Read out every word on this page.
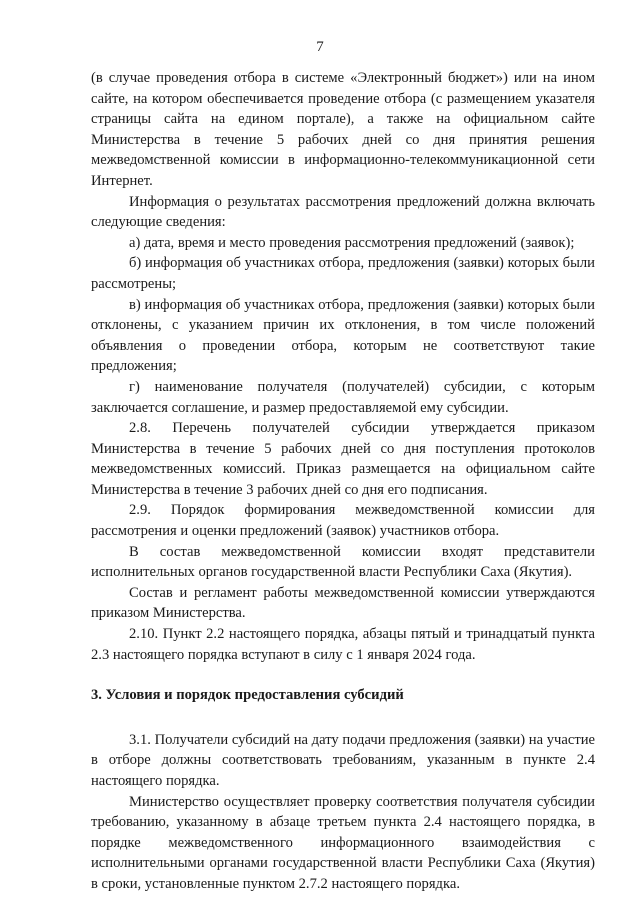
7

(в случае проведения отбора в системе «Электронный бюджет») или на ином сайте, на котором обеспечивается проведение отбора (с размещением указателя страницы сайта на едином портале), а также на официальном сайте Министерства в течение 5 рабочих дней со дня принятия решения межведомственной комиссии в информационно-телекоммуникационной сети Интернет.

Информация о результатах рассмотрения предложений должна включать следующие сведения:

а) дата, время и место проведения рассмотрения предложений (заявок);

б) информация об участниках отбора, предложения (заявки) которых были рассмотрены;

в) информация об участниках отбора, предложения (заявки) которых были отклонены, с указанием причин их отклонения, в том числе положений объявления о проведении отбора, которым не соответствуют такие предложения;

г) наименование получателя (получателей) субсидии, с которым заключается соглашение, и размер предоставляемой ему субсидии.

2.8. Перечень получателей субсидии утверждается приказом Министерства в течение 5 рабочих дней со дня поступления протоколов межведомственных комиссий. Приказ размещается на официальном сайте Министерства в течение 3 рабочих дней со дня его подписания.

2.9. Порядок формирования межведомственной комиссии для рассмотрения и оценки предложений (заявок) участников отбора.

В состав межведомственной комиссии входят представители исполнительных органов государственной власти Республики Саха (Якутия).

Состав и регламент работы межведомственной комиссии утверждаются приказом Министерства.

2.10. Пункт 2.2 настоящего порядка, абзацы пятый и тринадцатый пункта 2.3 настоящего порядка вступают в силу с 1 января 2024 года.

3. Условия и порядок предоставления субсидий

3.1. Получатели субсидий на дату подачи предложения (заявки) на участие в отборе должны соответствовать требованиям, указанным в пункте 2.4 настоящего порядка.

Министерство осуществляет проверку соответствия получателя субсидии требованию, указанному в абзаце третьем пункта 2.4 настоящего порядка, в порядке межведомственного информационного взаимодействия с исполнительными органами государственной власти Республики Саха (Якутия) в сроки, установленные пунктом 2.7.2 настоящего порядка.
